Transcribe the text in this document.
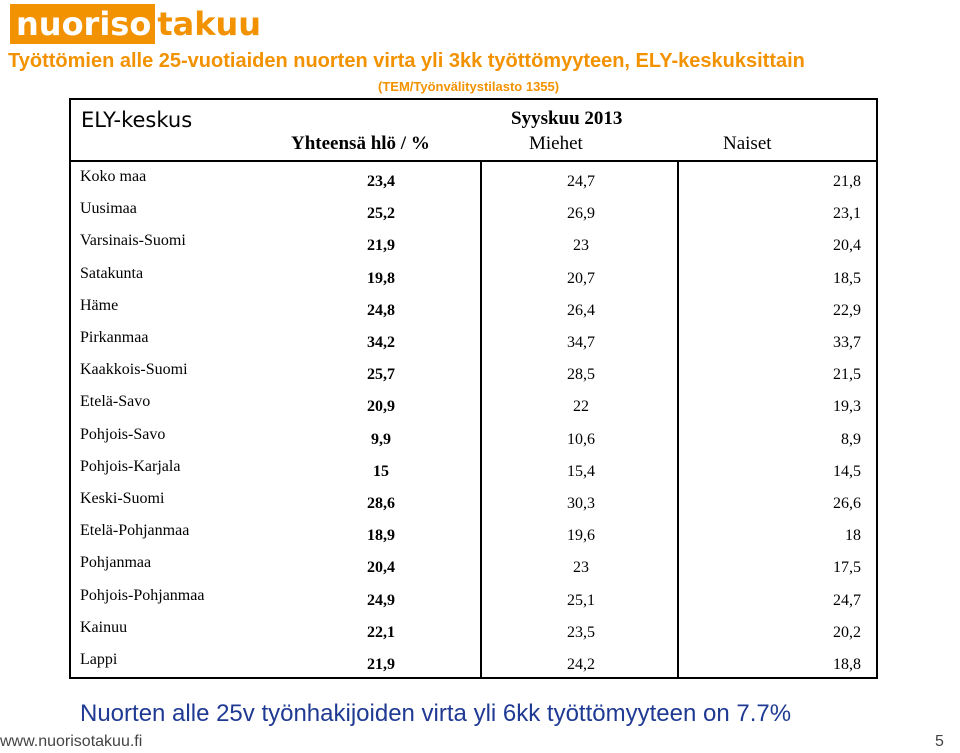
nuoriso takuu
Työttömien alle 25-vuotiaiden nuorten virta yli 3kk työttömyyteen, ELY-keskuksittain
(TEM/Työnvälitystilasto 1355)
ELY-keskus	Syyskuu 2013
Yhteensä hlö / %	Miehet	Naiset
Koko maa	23,4	24,7	21,8
Uusimaa	25,2	26,9	23,1
Varsinais-Suomi	21,9	23	20,4
Satakunta	19,8	20,7	18,5
Häme	24,8	26,4	22,9
Pirkanmaa	34,2	34,7	33,7
Kaakkois-Suomi	25,7	28,5	21,5
Etelä-Savo	20,9	22	19,3
Pohjois-Savo	9,9	10,6	8,9
Pohjois-Karjala	15	15,4	14,5
Keski-Suomi	28,6	30,3	26,6
Etelä-Pohjanmaa	18,9	19,6	18
Pohjanmaa	20,4	23	17,5
Pohjois-Pohjanmaa	24,9	25,1	24,7
Kainuu	22,1	23,5	20,2
Lappi	21,9	24,2	18,8
Nuorten alle 25v työnhakijoiden virta yli 6kk työttömyyteen on 7.7%
www.nuorisotakuu.fi	5
